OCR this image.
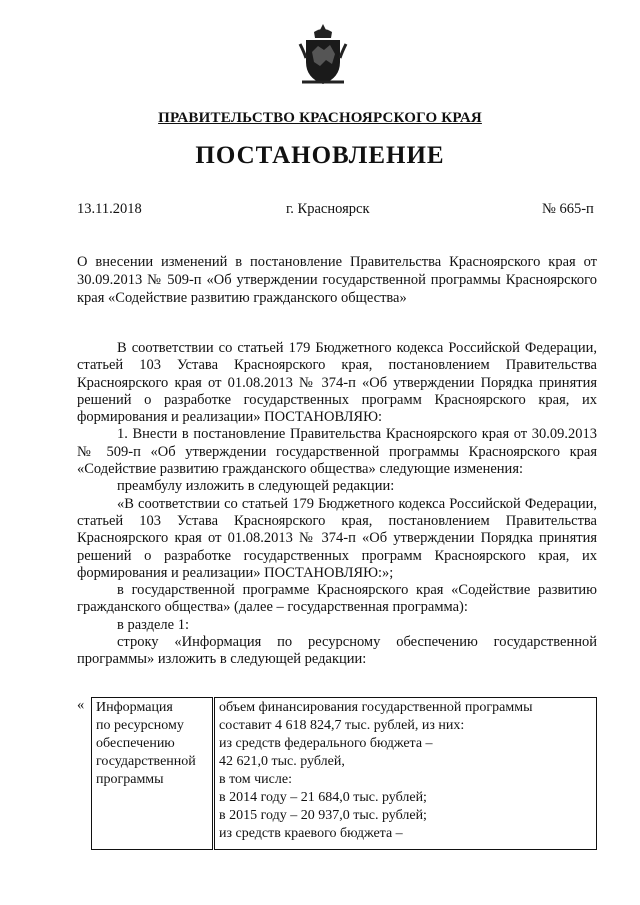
ПРАВИТЕЛЬСТВО КРАСНОЯРСКОГО КРАЯ
ПОСТАНОВЛЕНИЕ
13.11.2018	г. Красноярск	№ 665-п
О внесении изменений в постановление Правительства Красноярского края от 30.09.2013 № 509-п «Об утверждении государственной программы Красноярского края «Содействие развитию гражданского общества»

В соответствии со статьей 179 Бюджетного кодекса Российской Федерации, статьей 103 Устава Красноярского края, постановлением Правительства Красноярского края от 01.08.2013 № 374-п «Об утверждении Порядка принятия решений о разработке государственных программ Красноярского края, их формирования и реализации» ПОСТАНОВЛЯЮ:

1. Внести в постановление Правительства Красноярского края от 30.09.2013 № 509-п «Об утверждении государственной программы Красноярского края «Содействие развитию гражданского общества» следующие изменения:

преамбулу изложить в следующей редакции:

«В соответствии со статьей 179 Бюджетного кодекса Российской Федерации, статьей 103 Устава Красноярского края, постановлением Правительства Красноярского края от 01.08.2013 № 374-п «Об утверждении Порядка принятия решений о разработке государственных программ Красноярского края, их формирования и реализации» ПОСТАНОВЛЯЮ:»;

в государственной программе Красноярского края «Содействие развитию гражданского общества» (далее – государственная программа):

в разделе 1:

строку «Информация по ресурсному обеспечению государственной программы» изложить в следующей редакции:

« Информация
по ресурсному
обеспечению
государственной
программы

объем финансирования государственной программы
составит 4 618 824,7 тыс. рублей, из них:
из средств федерального бюджета –
42 621,0 тыс. рублей,
в том числе:
в 2014 году – 21 684,0 тыс. рублей;
в 2015 году – 20 937,0 тыс. рублей;
из средств краевого бюджета –
